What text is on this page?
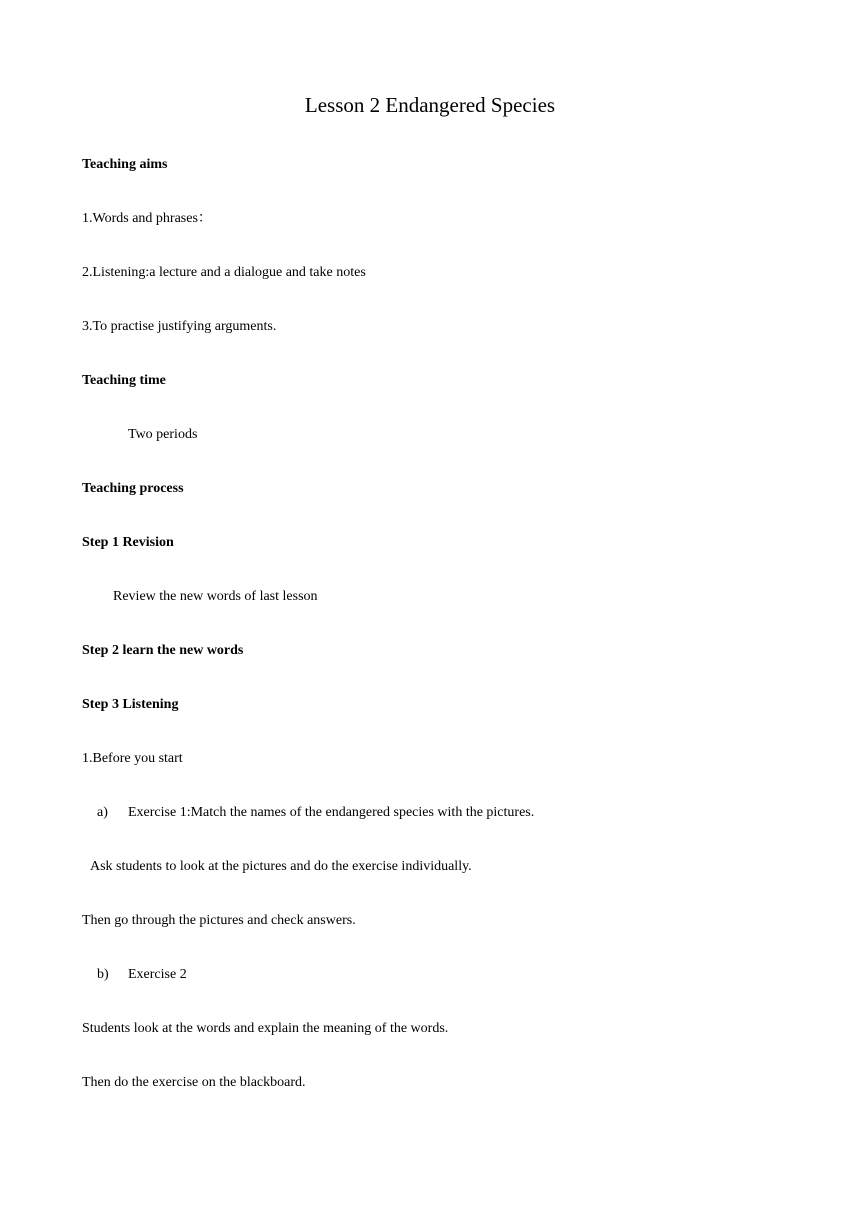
Lesson 2 Endangered Species
Teaching aims
1.Words and phrases：
2.Listening:a lecture and a dialogue and take notes
3.To practise justifying arguments.
Teaching time
Two periods
Teaching process
Step 1 Revision
Review the new words of last lesson
Step 2 learn the new words
Step 3 Listening
1.Before you start
a) Exercise 1:Match the names of the endangered species with the pictures.
Ask students to look at the pictures and do the exercise individually.
Then go through the pictures and check answers.
b) Exercise 2
Students look at the words and explain the meaning of the words.
Then do the exercise on the blackboard.
